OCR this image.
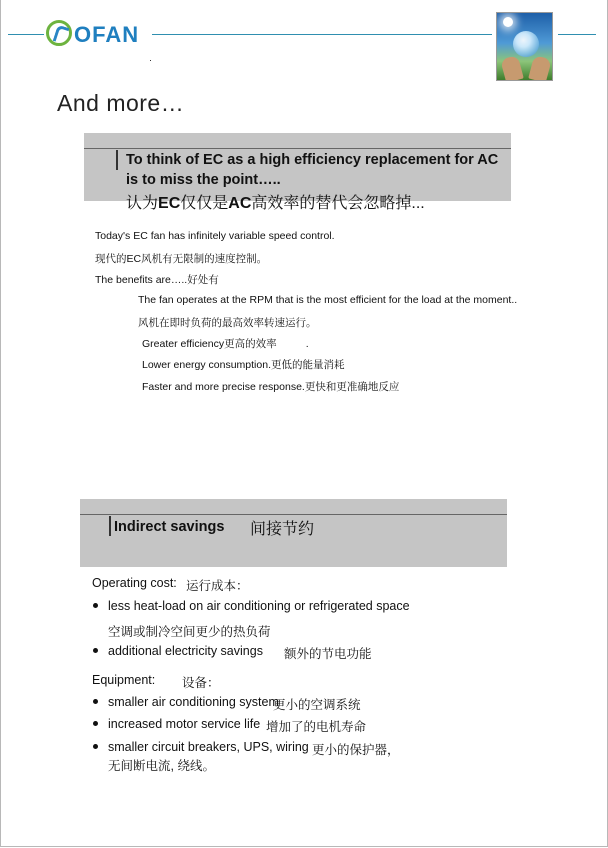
OFAN
And more…
To think of EC as a high efficiency replacement for AC
is to miss the point…..
认为EC仅仅是AC高效率的替代会忽略掉...
Today's EC fan has infinitely variable speed control.
现代的EC风机有无限制的速度控制。
The benefits are…..好处有
The fan operates at the RPM that is the most efficient for the load at the moment..
风机在即时负荷的最高效率转速运行。
Greater efficiency更高的效率          .
Lower energy consumption.更低的能量消耗
Faster and more precise response.更快和更准确地反应
Indirect savings 间接节约
Operating cost: 运行成本：
less heat-load on air conditioning or refrigerated space
空调或制冷空间更少的热负荷
additional electricity savings 额外的节电功能
Equipment: 设备：
smaller air conditioning system
更小的空调系统
increased motor service life 增加了的电机寿命
smaller circuit breakers, UPS, wiring 更小的保护器，
无间断电流, 绕线。
